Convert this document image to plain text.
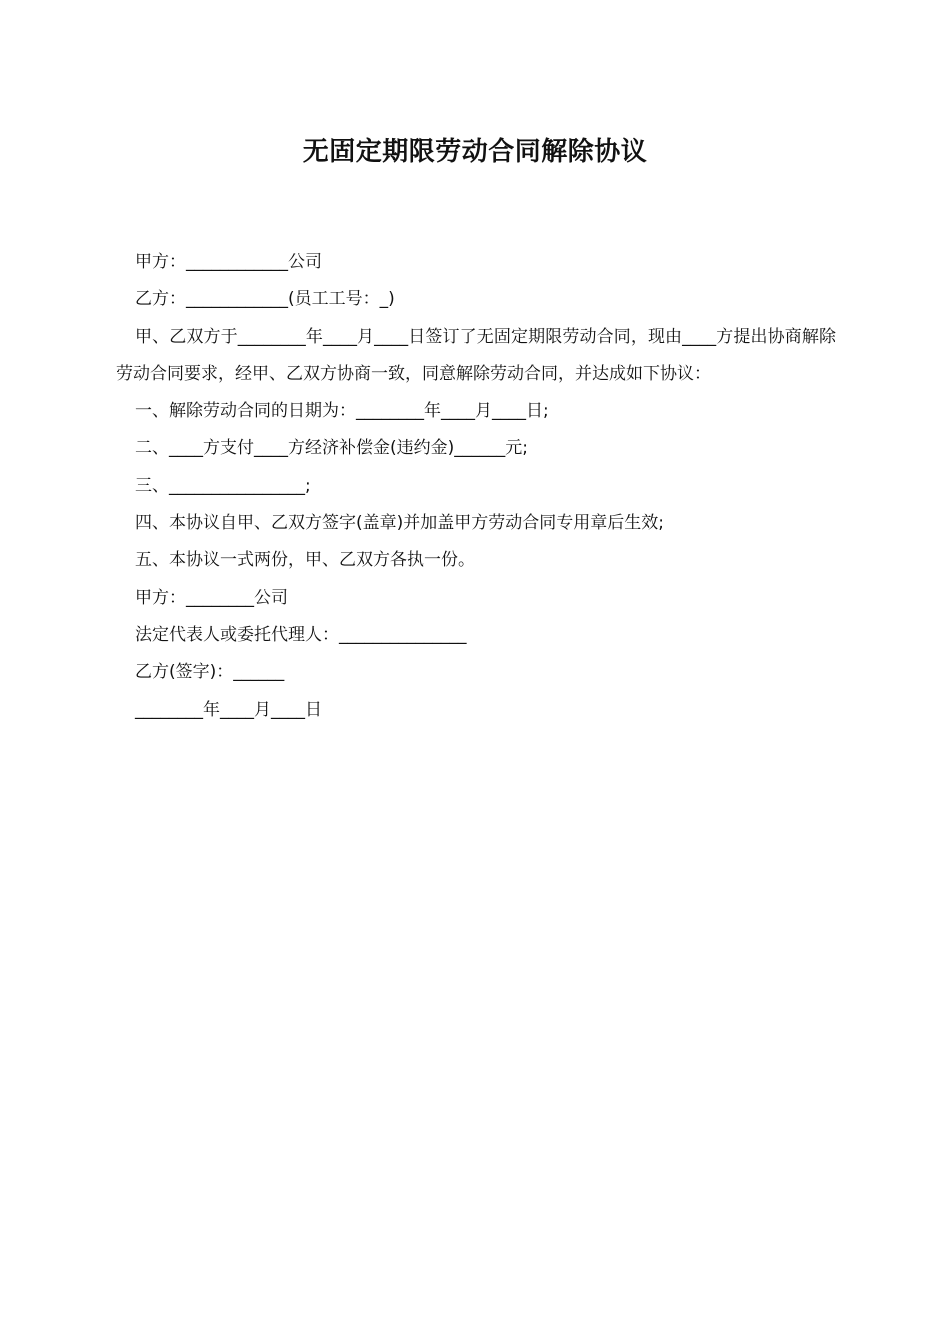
无固定期限劳动合同解除协议

甲方：____________公司

乙方：____________(员工工号：_)

甲、乙双方于________年____月____日签订了无固定期限劳动合同，现由____方提出协商解除劳动合同要求，经甲、乙双方协商一致，同意解除劳动合同，并达成如下协议：

一、解除劳动合同的日期为：________年____月____日;

二、____方支付____方经济补偿金(违约金)______元;

三、________________;

四、本协议自甲、乙双方签字(盖章)并加盖甲方劳动合同专用章后生效;

五、本协议一式两份，甲、乙双方各执一份。

甲方：________公司

法定代表人或委托代理人：_______________

乙方(签字)：______

________年____月____日
